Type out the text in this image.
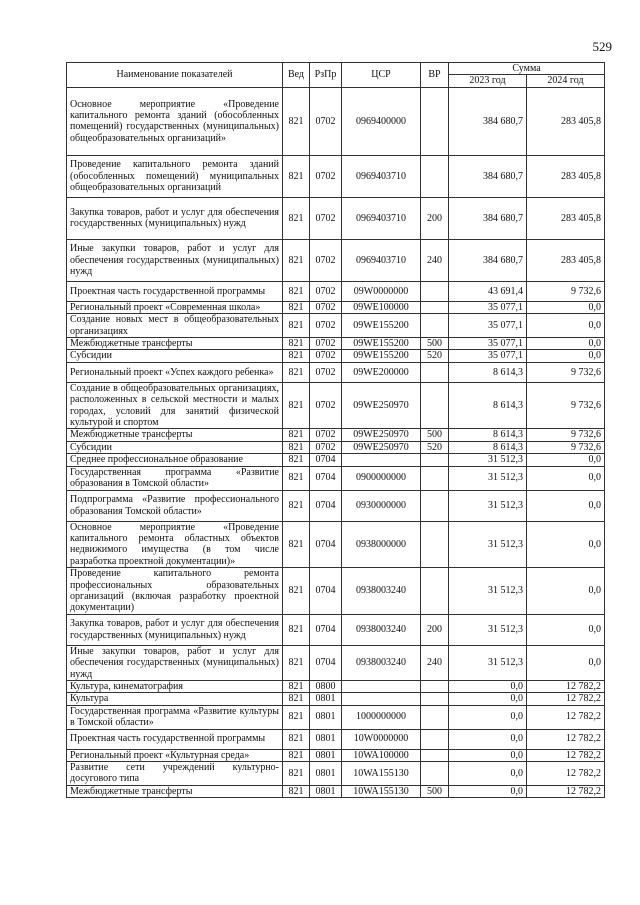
529
Наименование показателей	Вед	РзПр	ЦСР	ВР	Сумма	
					2023 год	2024 год
Основное мероприятие «Проведение капитального ремонта зданий (обособленных помещений) государственных (муниципальных) общеобразовательных организаций»	821	0702	0969400000		384 680,7	283 405,8
Проведение капитального ремонта зданий (обособленных помещений) муниципальных общеобразовательных организаций	821	0702	0969403710		384 680,7	283 405,8
Закупка товаров, работ и услуг для обеспечения государственных (муниципальных) нужд	821	0702	0969403710	200	384 680,7	283 405,8
Иные закупки товаров, работ и услуг для обеспечения государственных (муниципальных) нужд	821	0702	0969403710	240	384 680,7	283 405,8
Проектная часть государственной программы	821	0702	09W0000000		43 691,4	9 732,6
Региональный проект «Современная школа»	821	0702	09WE100000		35 077,1	0,0
Создание новых мест в общеобразовательных организациях	821	0702	09WE155200		35 077,1	0,0
Межбюджетные трансферты	821	0702	09WE155200	500	35 077,1	0,0
Субсидии	821	0702	09WE155200	520	35 077,1	0,0
Региональный проект «Успех каждого ребенка»	821	0702	09WE200000		8 614,3	9 732,6
Создание в общеобразовательных организациях, расположенных в сельской местности и малых городах, условий для занятий физической культурой и спортом	821	0702	09WE250970		8 614,3	9 732,6
Межбюджетные трансферты	821	0702	09WE250970	500	8 614,3	9 732,6
Субсидии	821	0702	09WE250970	520	8 614,3	9 732,6
Среднее профессиональное образование	821	0704			31 512,3	0,0
Государственная программа «Развитие образования в Томской области»	821	0704	0900000000		31 512,3	0,0
Подпрограмма «Развитие профессионального образования Томской области»	821	0704	0930000000		31 512,3	0,0
Основное мероприятие «Проведение капитального ремонта областных объектов недвижимого имущества (в том числе разработка проектной документации)»	821	0704	0938000000		31 512,3	0,0
Проведение капитального ремонта профессиональных образовательных организаций (включая разработку проектной документации)	821	0704	0938003240		31 512,3	0,0
Закупка товаров, работ и услуг для обеспечения государственных (муниципальных) нужд	821	0704	0938003240	200	31 512,3	0,0
Иные закупки товаров, работ и услуг для обеспечения государственных (муниципальных) нужд	821	0704	0938003240	240	31 512,3	0,0
Культура, кинематография	821	0800			0,0	12 782,2
Культура	821	0801			0,0	12 782,2
Государственная программа «Развитие культуры в Томской области»	821	0801	1000000000		0,0	12 782,2
Проектная часть государственной программы	821	0801	10W0000000		0,0	12 782,2
Региональный проект «Культурная среда»	821	0801	10WA100000		0,0	12 782,2
Развитие сети учреждений культурно-досугового типа	821	0801	10WA155130		0,0	12 782,2
Межбюджетные трансферты	821	0801	10WA155130	500	0,0	12 782,2
